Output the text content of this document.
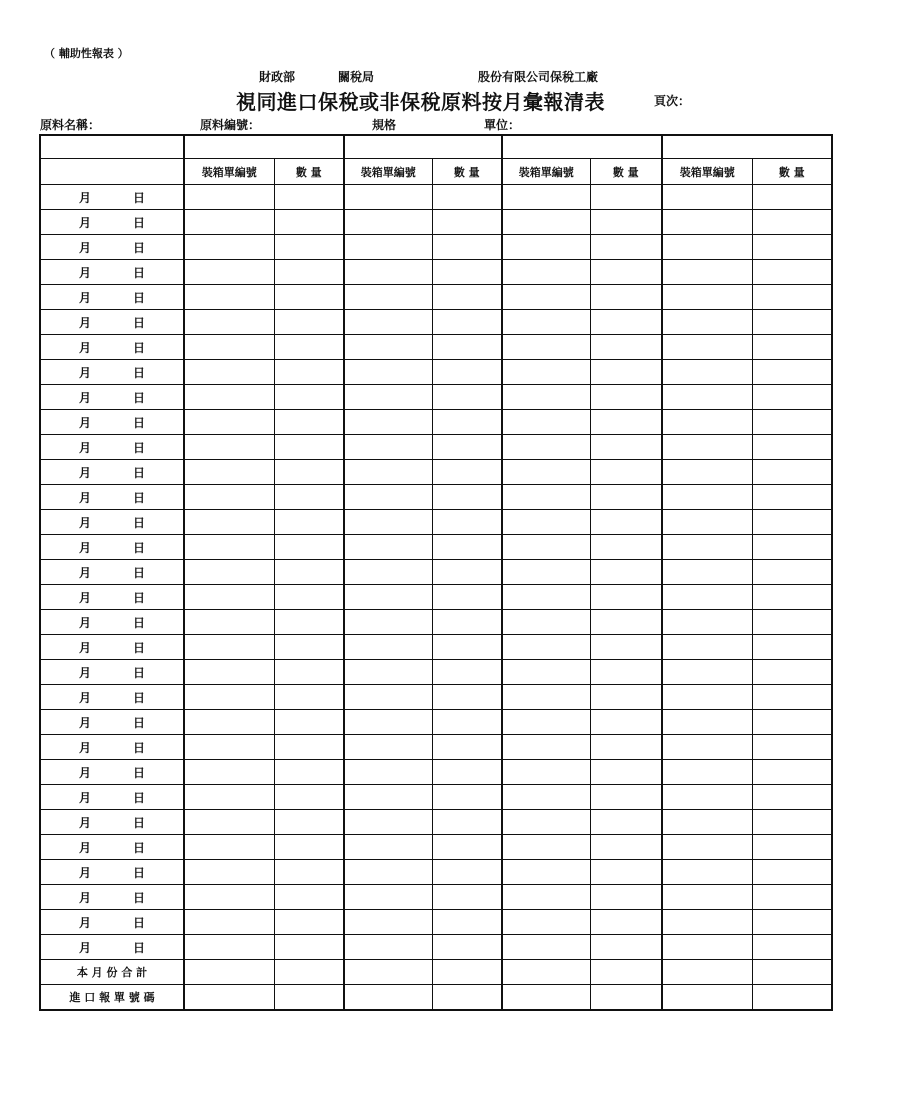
（ 輔助性報表 ）
財政部	關稅局	股份有限公司保稅工廠
視同進口保稅或非保稅原料按月彙報清表	頁次：
原料名稱：	原料編號：	規格	單位：

	裝箱單編號	數 量	裝箱單編號	數 量	裝箱單編號	數 量	裝箱單編號	數 量
月 日								
月 日								
月 日								
月 日								
月 日								
月 日								
月 日								
月 日								
月 日								
月 日								
月 日								
月 日								
月 日								
月 日								
月 日								
月 日								
月 日								
月 日								
月 日								
月 日								
月 日								
月 日								
月 日								
月 日								
月 日								
月 日								
月 日								
月 日								
月 日								
月 日								
月 日								
本 月 份 合 計								
進 口 報 單 號 碼								
